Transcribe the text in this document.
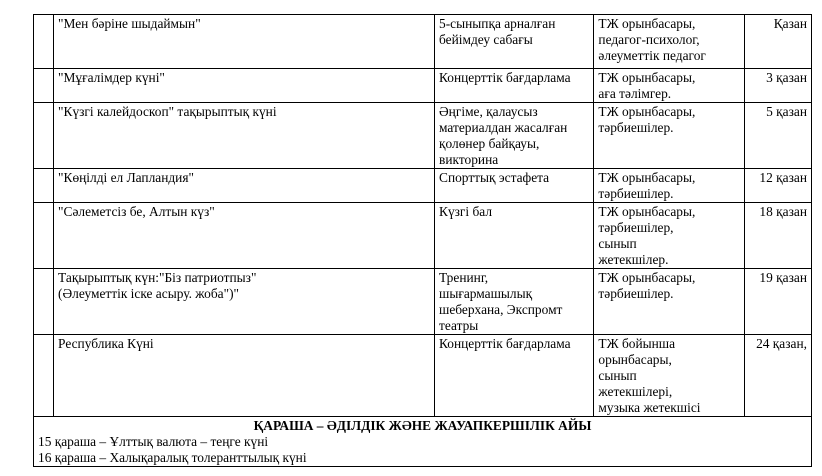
	"Мен бәріне шыдаймын"	5-сыныпқа арналған
бейімдеу сабағы	ТЖ орынбасары,
педагог-психолог,
әлеуметтік педагог	Қазан

	"Мұғалімдер күні"	Концерттік бағдарлама	ТЖ орынбасары,
аға тәлімгер.	3 қазан

	"Күзгі калейдоскоп" тақырыптық күні	Әңгіме, қалаусыз
материалдан жасалған
қолөнер байқауы,
викторина	ТЖ орынбасары,
тәрбиешілер.	5 қазан

	"Көңілді ел Лапландия"	Спорттық эстафета	ТЖ орынбасары,
тәрбиешілер.	12 қазан

	"Сәлеметсіз бе, Алтын күз"	Күзгі бал	ТЖ орынбасары,
тәрбиешілер,
сынып
жетекшілер.	18 қазан

	Тақырыптық күн:"Біз патриотпыз"
(Әлеуметтік іске асыру. жоба")"	Тренинг,
шығармашылық
шеберхана, Экспромт
театры	ТЖ орынбасары,
тәрбиешілер.	19 қазан

	Республика Күні	Концерттік бағдарлама	ТЖ бойынша
орынбасары,
сынып
жетекшілері,
музыка жетекшісі	24 қазан,

ҚАРАША – ӘДІЛДІК ЖӘНЕ ЖАУАПКЕРШІЛІК АЙЫ
15 қараша – Ұлттық валюта – теңге күні
16 қараша – Халықаралық толеранттылық күні				
